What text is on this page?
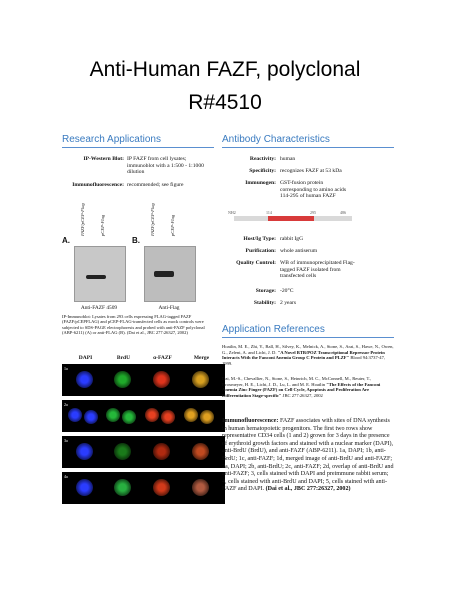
Anti-Human FAZF, polyclonal
R#4510
Research Applications
IP-Western Blot: IP FAZF from cell lysates; immunoblot with a 1:500 - 1:1000 dilution
Immunofluorescence: recommended; see figure
FAZF/pCEP-Flag	pCEP-Flag	FAZF/pCEP-Flag	pCEP-Flag
A.	B.
Anti-FAZF 4509	Anti-Flag
IP-Immunoblot: Lysates from 293 cells expressing FLAG-tagged FAZF (FAZF/pCEPFLAG) and pCEP-FLAG-transfected cells as mock controls were subjected to SDS-PAGE electrophoresis and probed with anti-FAZF polyclonal (ABP-6211) (A) or anti-FLAG (B). (Dai et al., JBC 277:26327, 2002)
DAPI	BrdU	α-FAZF	Merge
1a
2a
3a
4a
Antibody Characteristics
Reactivity: human
Specificity: recognizes FAZF at 53 kDa
Immunogen: GST-fusion protein corresponding to amino acids 114-295 of human FAZF
NH2	114	295	486
Host/Ig Type: rabbit IgG
Purification: whole antiserum
Quality Control: WB of immunoprecipitated Flag-tagged FAZF isolated from transfected cells
Storage: -20°C
Stability: 2 years
Application References
Hoatlin, M. E., Zhi, Y., Ball, H., Silvey, K., Melnick, A., Stone, S., Arai, S., Hawe, N., Owen, G., Zelent, A. and Licht, J. D. "A Novel BTB/POZ Transcriptional Repressor Protein Interacts With the Fanconi Anemia Group C Protein and PLZF" Blood 94:3737-47, 1999.
Dai, M.-S., Chevallier, N., Stone, S., Heinrich, M. C., McConnell, M., Reuter, T., Broxmeyer, H. E., Licht, J. D., Lu, L. and M. E. Hoatlin "The Effects of the Fanconi Anemia Zinc Finger (FAZF) on Cell Cycle, Apoptosis and Proliferation Are Differentiation Stage-specific" JBC 277:26327, 2002
Immunofluorescence: FAZF associates with sites of DNA synthesis in human hematopoietic progenitors. The first two rows show representative CD34 cells (1 and 2) grown for 3 days in the presence of erythroid growth factors and stained with a nuclear marker (DAPI), anti-BrdU (BrdU), and anti-FAZF (ABP-6211). 1a, DAPI; 1b, anti-BrdU; 1c, anti-FAZF; 1d, merged image of anti-BrdU and anti-FAZF; 2a, DAPI; 2b, anti-BrdU; 2c, anti-FAZF; 2d, overlap of anti-BrdU and anti-FAZF; 3, cells stained with DAPI and preimmune rabbit serum; 4, cells stained with anti-BrdU and DAPI; 5, cells stained with anti-FAZF and DAPI. (Dai et al., JBC 277:26327, 2002)
